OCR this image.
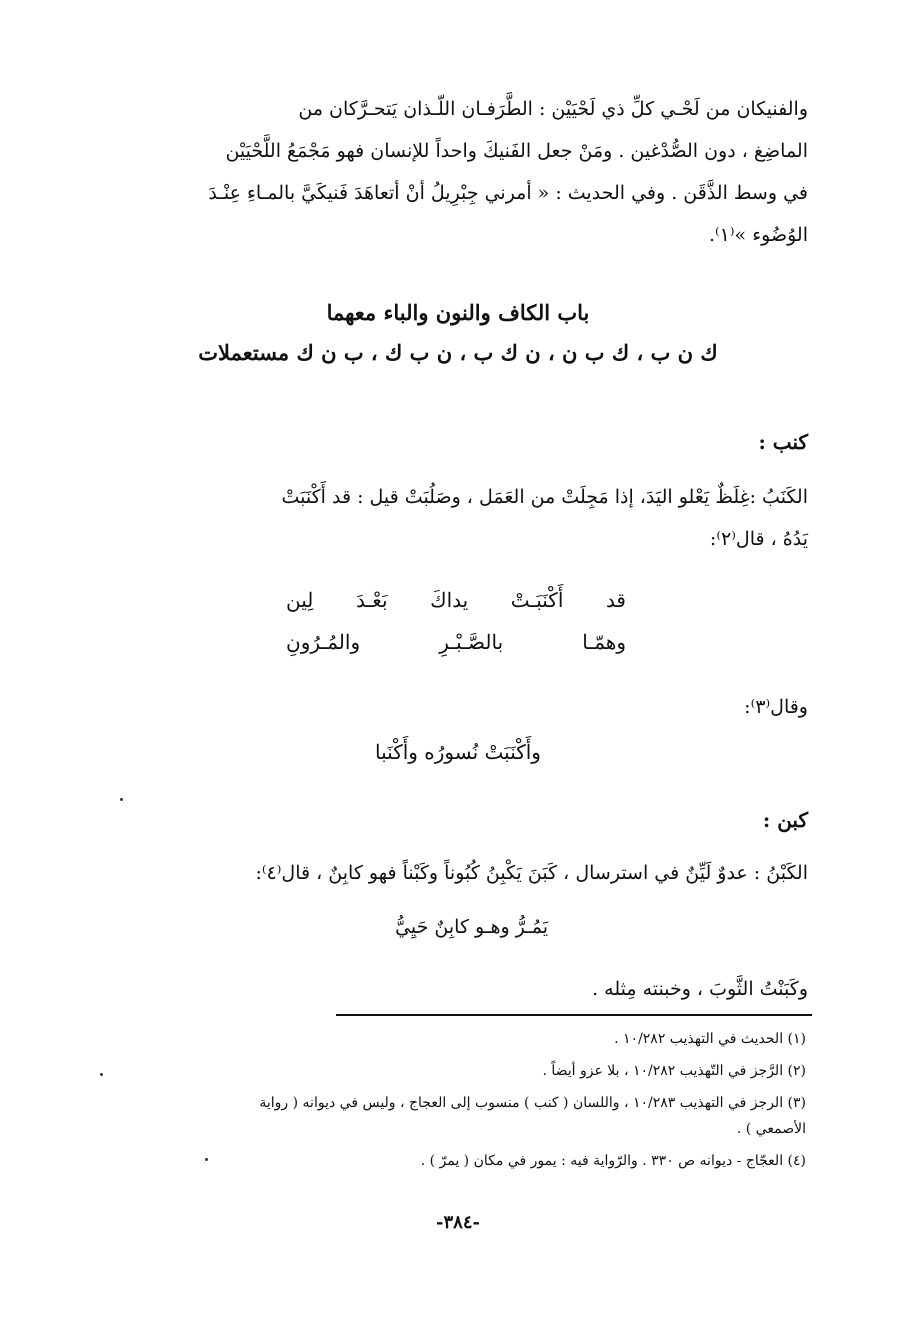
والفنيكان من لَحْـي كلِّ ذي لَحْيَيْن : الطَّرَفـان اللّـذان يَتحـرَّكان من
الماضِغ ، دون الصُّدْغين . ومَنْ جعل الفَنيكَ واحداً للإنسان فهو مَجْمَعُ اللَّحْيَيْن
في وسط الذَّقَن . وفي الحديث : « أمرني جِبْرِيلُ أنْ أتعاهَدَ فَنيكَيَّ بالمـاءِ عِنْـدَ
الوُضُوء »⁽١⁾.
باب الكاف والنون والباء معهما
ك ن ب ، ك ب ن ، ن ك ب ، ن ب ك ، ب ن ك مستعملات
كنب :
الكَنَبُ :غِلَظٌ يَعْلو اليَدَ، إذا مَجِلَتْ من العَمَل ، وصَلُبَتْ قيل : قد أَكْنَبَتْ
يَدُهُ ، قال⁽٢⁾:
قد
أَكْنَبَـتْ
يداكَ
بَعْـدَ
لِين
وهمّـا
بالصَّـبْـرِ
والمُـرُونِ
وقال⁽٣⁾:
وأَكْنَبَتْ نُسورُه وأَكْنَبا
كبن :
الكَبْنُ : عدوٌ لَيِّنٌ في استرسال ، كَبَنَ يَكْبِنُ كُبُوناً وكَبْناً فهو كابِنٌ ، قال⁽٤⁾:
يَمُـرُّ وهـو كابِنٌ حَيِيُّ
وكَبَنْتُ الثَّوبَ ، وخبنته مِثله .
(١) الحديث في التهذيب ١٠/٢٨٢ .
(٢) الرَّجز في التّهذيب ١٠/٢٨٢ ، بلا عزو أيضاً .
(٣) الرجز في التهذيب ١٠/٢٨٣ ، واللسان ( كنب ) منسوب إلى العجاج ، وليس في ديوانه ( رواية
الأصمعي ) .
(٤) العجّاج - ديوانه ص ٣٣٠ . والرّواية فيه : يمور في مكان ( يمرّ ) .
-٣٨٤-
